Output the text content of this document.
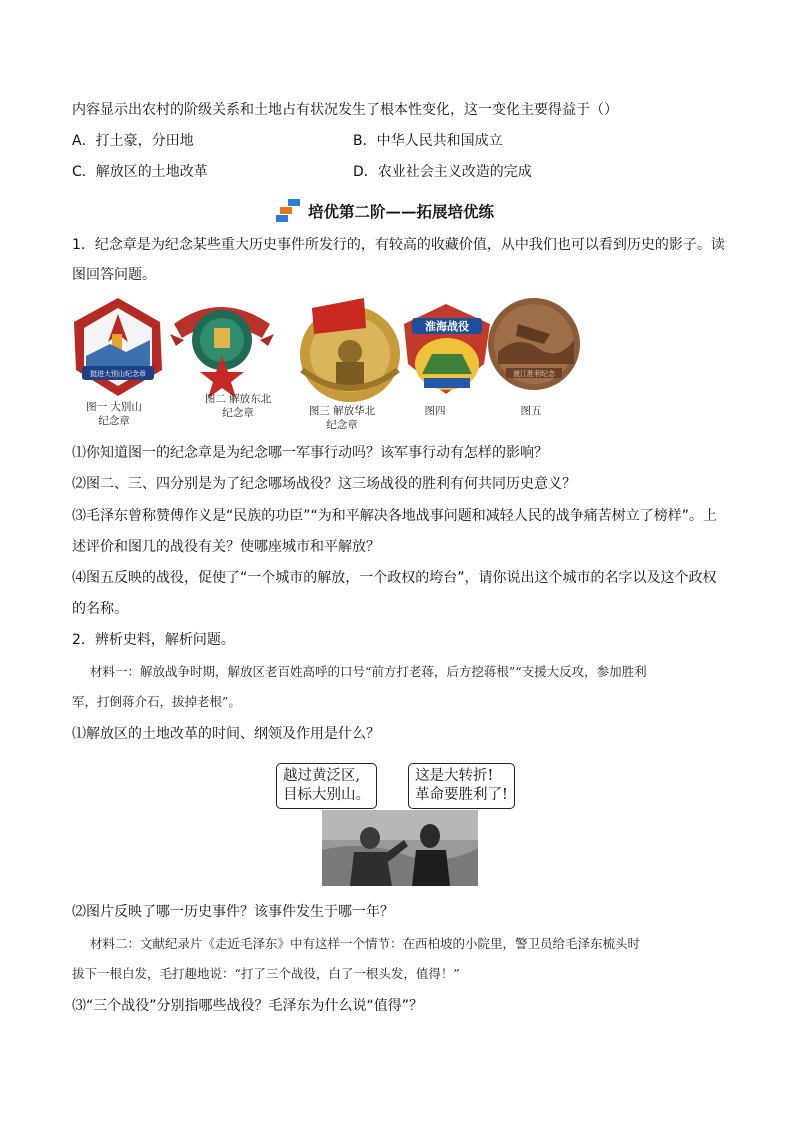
内容显示出农村的阶级关系和土地占有状况发生了根本性变化，这一变化主要得益于（）
A．打土豪，分田地	B．中华人民共和国成立
C．解放区的土地改革	D．农业社会主义改造的完成
培优第二阶——拓展培优练
1．纪念章是为纪念某些重大历史事件所发行的，有较高的收藏价值，从中我们也可以看到历史的影子。读
图回答问题。
挺进大别山纪念章
淮海战役
渡江胜利纪念
图一 大别山
纪念章
图二 解放东北
纪念章	图三 解放华北
纪念章
图四	图五
⑴你知道图一的纪念章是为纪念哪一军事行动吗？该军事行动有怎样的影响？
⑵图二、三、四分别是为了纪念哪场战役？这三场战役的胜利有何共同历史意义？
⑶毛泽东曾称赞傅作义是“民族的功臣”“为和平解决各地战事问题和减轻人民的战争痛苦树立了榜样”。上
述评价和图几的战役有关？使哪座城市和平解放？
⑷图五反映的战役，促使了“一个城市的解放，一个政权的垮台”，请你说出这个城市的名字以及这个政权
的名称。
2．辨析史料，解析问题。
材料一：解放战争时期，解放区老百姓高呼的口号“前方打老蒋，后方挖蒋根”“支援大反攻，参加胜利
军，打倒蒋介石，拔掉老根”。
⑴解放区的土地改革的时间、纲领及作用是什么？
越过黄泛区,
目标大别山。
这是大转折!
革命要胜利了!
⑵图片反映了哪一历史事件？该事件发生于哪一年？
材料二：文献纪录片《走近毛泽东》中有这样一个情节：在西柏坡的小院里，警卫员给毛泽东梳头时
拔下一根白发，毛打趣地说：“打了三个战役，白了一根头发，值得！”
⑶“三个战役”分别指哪些战役？毛泽东为什么说“值得”？
